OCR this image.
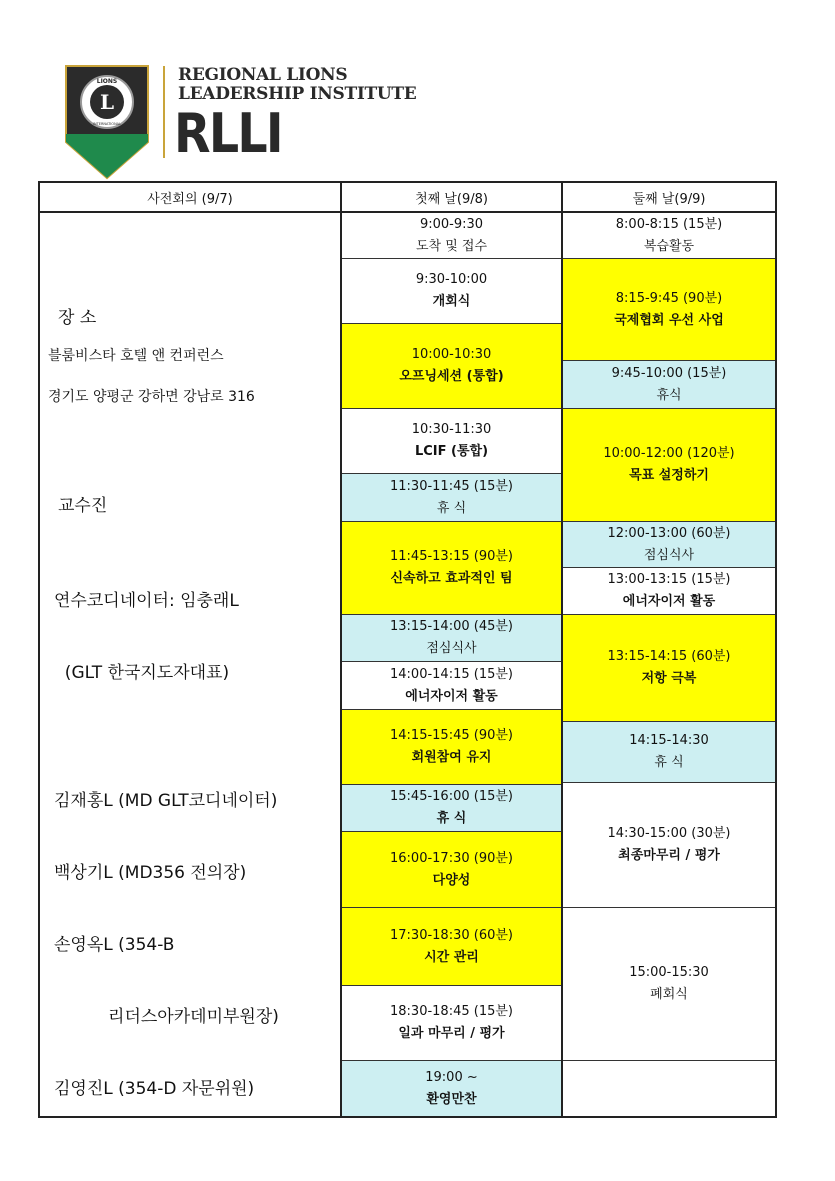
L
LIONS
INTERNATIONAL
REGIONAL LIONS
LEADERSHIP INSTITUTE
RLLI
사전회의 (9/7)	첫째 날(9/8)	둘째 날(9/9)
9:00-9:30
도착 및 접수
9:30-10:00
개회식
10:00-10:30
오프닝세션 (통합)
10:30-11:30
LCIF (통합)
11:30-11:45 (15분)
휴 식
11:45-13:15 (90분)
신속하고 효과적인 팀
13:15-14:00 (45분)
점심식사
14:00-14:15 (15분)
에너자이저 활동
14:15-15:45 (90분)
회원참여 유지
15:45-16:00 (15분)
휴 식
16:00-17:30 (90분)
다양성
17:30-18:30 (60분)
시간 관리
18:30-18:45 (15분)
일과 마무리 / 평가
19:00 ~
환영만찬
8:00-8:15 (15분)
복습활동
8:15-9:45 (90분)
국제협회 우선 사업
9:45-10:00 (15분)
휴식
10:00-12:00 (120분)
목표 설정하기
12:00-13:00 (60분)
점심식사
13:00-13:15 (15분)
에너자이저 활동
13:15-14:15 (60분)
저항 극복
14:15-14:30
휴 식
14:30-15:00 (30분)
최종마무리 / 평가
15:00-15:30
폐회식
장 소
블룸비스타 호텔 앤 컨퍼런스
경기도 양평군 강하면 강남로 316
교수진

연수코디네이터: 임충래L

(GLT 한국지도자대표)

김재홍L (MD GLT코디네이터)

백상기L (MD356 전의장)

손영옥L (354-B

리더스아카데미부원장)

김영진L (354-D 자문위원)
